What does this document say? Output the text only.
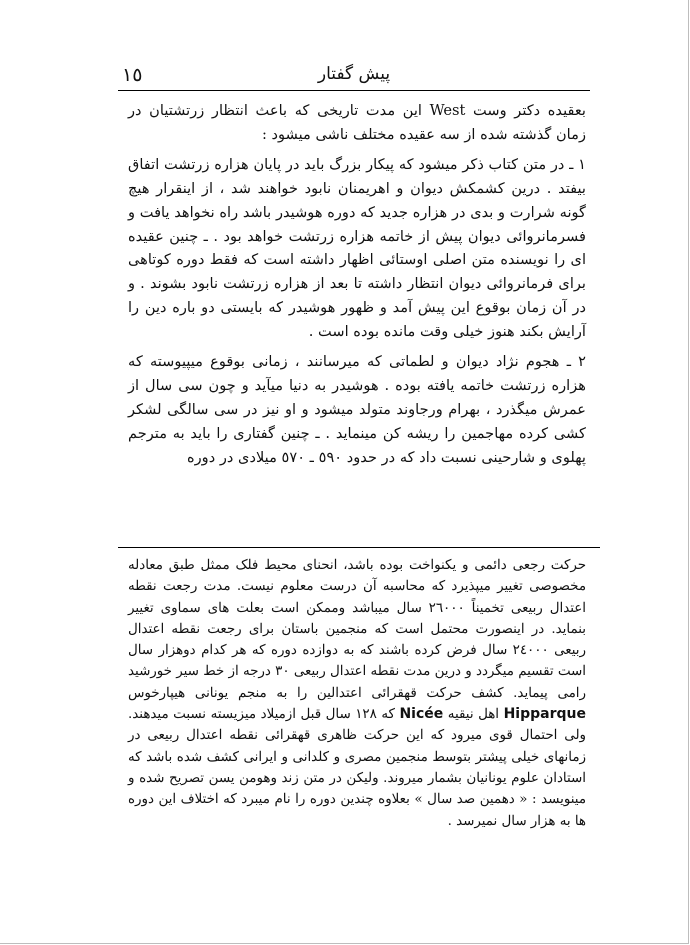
١٥	پیش گفتار

بعقیده دکتر وست West این مدت تاریخی که باعث انتظار زرتشتیان در زمان گذشته شده از سه عقیده مختلف ناشی میشود :

١ ـ در متن کتاب ذکر میشود که پیکار بزرگ باید در پایان هزاره زرتشت اتفاق بیفتد . درین کشمکش دیوان و اهریمنان نابود خواهند شد ، از اینقرار هیچ گونه شرارت و بدی در هزاره جدید که دوره هوشیدر باشد راه نخواهد یافت و فسرمانروائی دیوان پیش از خاتمه هزاره زرتشت خواهد بود . ـ چنین عقیده ای را نویسنده متن اصلی اوستائی اظهار داشته است که فقط دوره کوتاهی برای فرمانروائی دیوان انتظار داشته تا بعد از هزاره زرتشت نابود بشوند . و در آن زمان بوقوع این پیش آمد و ظهور هوشیدر که بایستی دو باره دین را آرایش بکند هنوز خیلی وقت مانده بوده است .

٢ ـ هجوم نژاد دیوان و لطماتی که میرسانند ، زمانی بوقوع میپیوسته که هزاره زرتشت خاتمه یافته بوده . هوشیدر به دنیا میآید و چون سی سال از عمرش میگذرد ، بهرام ورجاوند متولد میشود و او نیز در سی سالگی لشکر کشی کرده مهاجمین را ریشه کن مینماید . ـ چنین گفتاری را باید به مترجم پهلوی و شارحینی نسبت داد که در حدود ٥٩٠ ـ ٥٧٠ میلادی در دوره

حرکت رجعی دائمی و یکنواخت بوده باشد، انحنای محیط فلک ممثل طبق معادله مخصوصی تغییر میپذیرد که محاسبه آن درست معلوم نیست. مدت رجعت نقطه اعتدال ربیعی تخمیناً ٢٦٠٠٠ سال میباشد وممکن است بعلت های سماوی تغییر بنماید. در اینصورت محتمل است که منجمین باستان برای رجعت نقطه اعتدال ربیعی ٢٤٠٠٠ سال فرض کرده باشند که به دوازده دوره که هر کدام دوهزار سال است تقسیم میگردد و درین مدت نقطه اعتدال ربیعی ٣٠ درجه از خط سیر خورشید رامی پیماید. کشف حرکت قهقرائی اعتدالین را به منجم یونانی هیپارخوس Hipparque اهل نیقیه Nicée که ١٢٨ سال قبل ازمیلاد میزیسته نسبت میدهند. ولی احتمال قوی میرود که این حرکت ظاهری قهقرائی نقطه اعتدال ربیعی در زمانهای خیلی پیشتر بتوسط منجمین مصری و کلدانی و ایرانی کشف شده باشد که استادان علوم یونانیان بشمار میروند. ولیکن در متن زند وهومن یسن تصریح شده و مینویسد : « دهمین صد سال » بعلاوه چندین دوره را نام میبرد که اختلاف این دوره ها به هزار سال نمیرسد .
